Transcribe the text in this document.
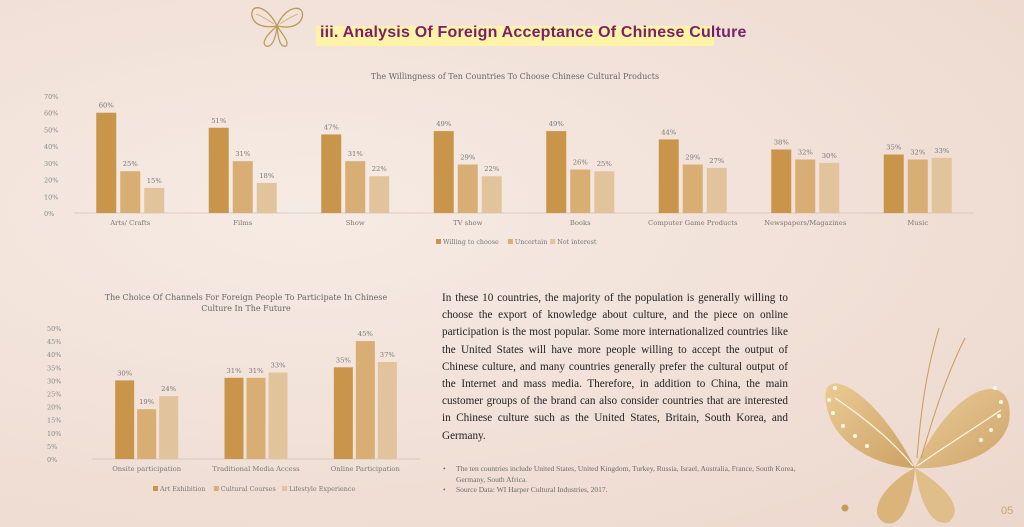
iii. Analysis Of Foreign Acceptance Of Chinese Culture
The Willingness of Ten Countries To Choose Chinese Cultural Products
0%
10%
20%
30%
40%
50%
60%
70%
60%
25%
15%
Arts/ Crafts
51%
31%
18%
Films
47%
31%
22%
Show
49%
29%
22%
TV show
49%
26% 25%
Books
44%
29% 27%
Computer Game Products
38%
32% 30%
Newspapers/Magazines
35%
32% 33%
Music
Willing to choose	Uncertain Not interest
The Choice Of Channels For Foreign People To Participate In Chinese
Culture In The Future
0%
5%
10%
15%
20%
25%
30%
35%
40%
45%
50%
30%
19%
24%
Onsite participation
31% 31%
33%
Traditional Media Access
35%
45%
37%
Online Participation
Art Exhibition Cultural Courses Lifestyle Experience
In these 10 countries, the majority of the population is generally willing to choose the export of knowledge about culture, and the piece on online participation is the most popular. Some more internationalized countries like the United States will have more people willing to accept the output of Chinese culture, and many countries generally prefer the cultural output of the Internet and mass media. Therefore, in addition to China, the main customer groups of the brand can also consider countries that are interested in Chinese culture such as the United States, Britain, South Korea, and Germany.
• The ten countries include United States, United Kingdom, Turkey, Russia, Israel, Australia, France, South Korea, Germany, South Africa.
• Source Data: WI Harper Cultural Industries, 2017.
05
